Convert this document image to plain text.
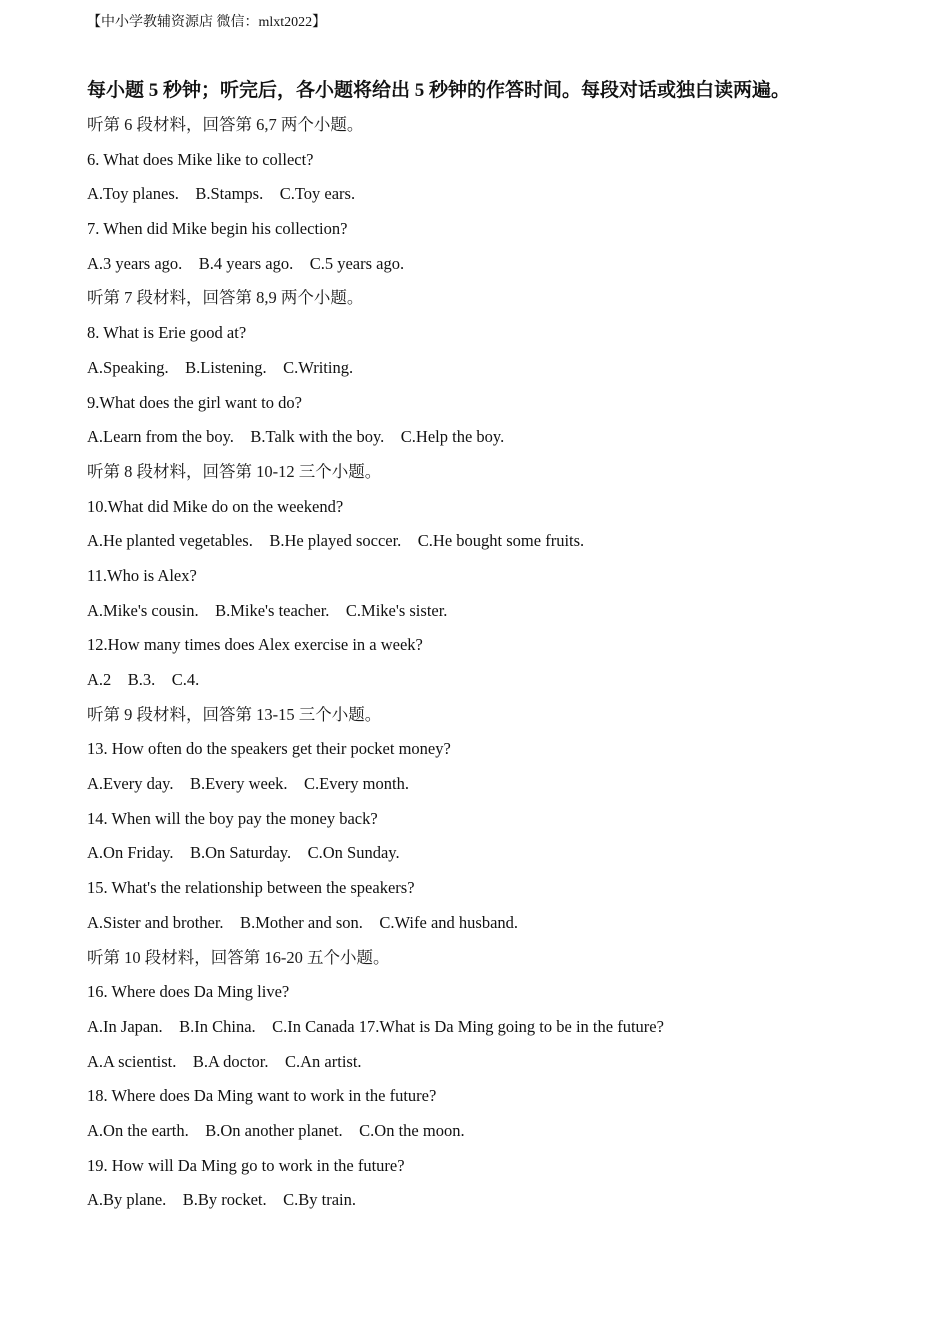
【中小学教辅资源店 微信：mlxt2022】
每小题 5 秒钟；听完后，各小题将给出 5 秒钟的作答时间。每段对话或独白读两遍。
听第 6 段材料，回答第 6,7 两个小题。
6. What does Mike like to collect?
A.Toy planes.    B.Stamps.    C.Toy ears.
7. When did Mike begin his collection?
A.3 years ago.    B.4 years ago.    C.5 years ago.
听第 7 段材料，回答第 8,9 两个小题。
8. What is Erie good at?
A.Speaking.    B.Listening.    C.Writing.
9.What does the girl want to do?
A.Learn from the boy.    B.Talk with the boy.    C.Help the boy.
听第 8 段材料，回答第 10-12 三个小题。
10.What did Mike do on the weekend?
A.He planted vegetables.    B.He played soccer.    C.He bought some fruits.
11.Who is Alex?
A.Mike's cousin.    B.Mike's teacher.    C.Mike's sister.
12.How many times does Alex exercise in a week?
A.2    B.3.    C.4.
听第 9 段材料，回答第 13-15 三个小题。
13. How often do the speakers get their pocket money?
A.Every day.    B.Every week.    C.Every month.
14. When will the boy pay the money back?
A.On Friday.    B.On Saturday.    C.On Sunday.
15. What's the relationship between the speakers?
A.Sister and brother.    B.Mother and son.    C.Wife and husband.
听第 10 段材料，回答第 16-20 五个小题。
16. Where does Da Ming live?
A.In Japan.    B.In China.    C.In Canada 17.What is Da Ming going to be in the future?
A.A scientist.    B.A doctor.    C.An artist.
18. Where does Da Ming want to work in the future?
A.On the earth.    B.On another planet.    C.On the moon.
19. How will Da Ming go to work in the future?
A.By plane.    B.By rocket.    C.By train.
